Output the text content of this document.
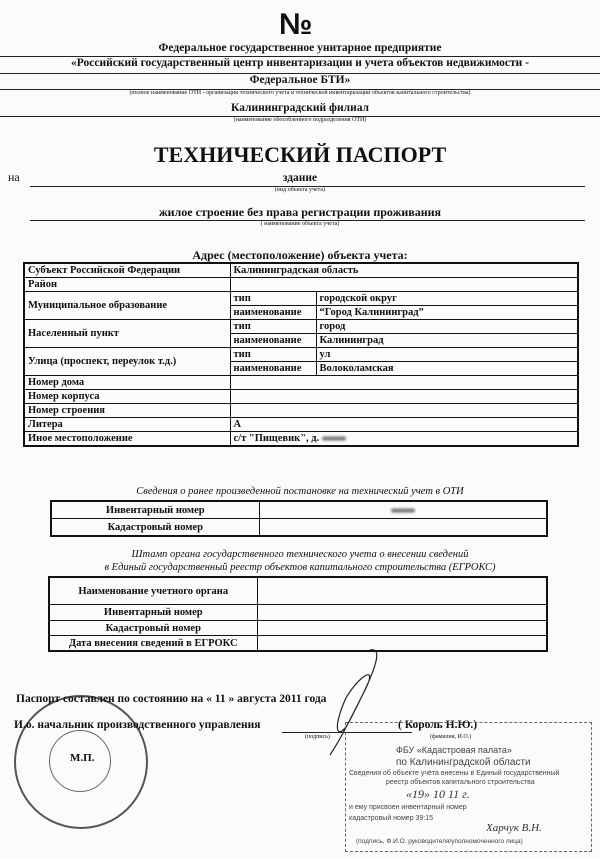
№
Федеральное государственное унитарное предприятие
«Российский государственный центр инвентаризации и учета объектов недвижимости -
Федеральное БТИ»
(полное наименование ОТИ - организации технического учета и технической инвентаризации объектов капитального строительства)
Калининградский филиал
(наименование обособленного подразделения ОТИ)
ТЕХНИЧЕСКИЙ ПАСПОРТ
на	здание
(вид объекта учета)
жилое строение без права регистрации проживания
( наименование объекта учета)
Адрес (местоположение) объекта учета:
Субъект Российской Федерации	Калининградская область	
Район		
Муниципальное образование	тип	городской округ
	наименование	“Город Калининград”
Населенный пункт	тип	город
	наименование	Калининград
Улица (проспект, переулок т.д.)	тип	ул
	наименование	Волоколамская
Номер дома		
Номер корпуса		
Номер строения		
Литера	А	
Иное местоположение	с/т "Пищевик", д.	
Сведения о ранее произведенной постановке на технический учет в ОТИ
Инвентарный номер	
Кадастровый номер	
Штамп органа государственного технического учета о внесении сведений
в Единый государственный реестр объектов капитального строительства (ЕГРОКС)
Наименование учетного органа	
Инвентарный номер	
Кадастровый номер	
Дата внесения сведений в ЕГРОКС	
Паспорт составлен по состоянию на « 11 » августа 2011 года
И.о. начальник производственного управления
(подпись)
( Король Н.Ю.)
(фамилия, И.О.)
М.П.
ФБУ «Кадастровая палата»
по Калининградской области
Сведения об объекте учёта внесены в Единый государственный
реестр объектов капитального строительства
«19» 10 11 г.
и ему присвоен инвентарный номер
кадастровый номер 39:15
Харчук В.Н.
(подпись, Ф.И.О. руководителя/уполномоченного лица)
